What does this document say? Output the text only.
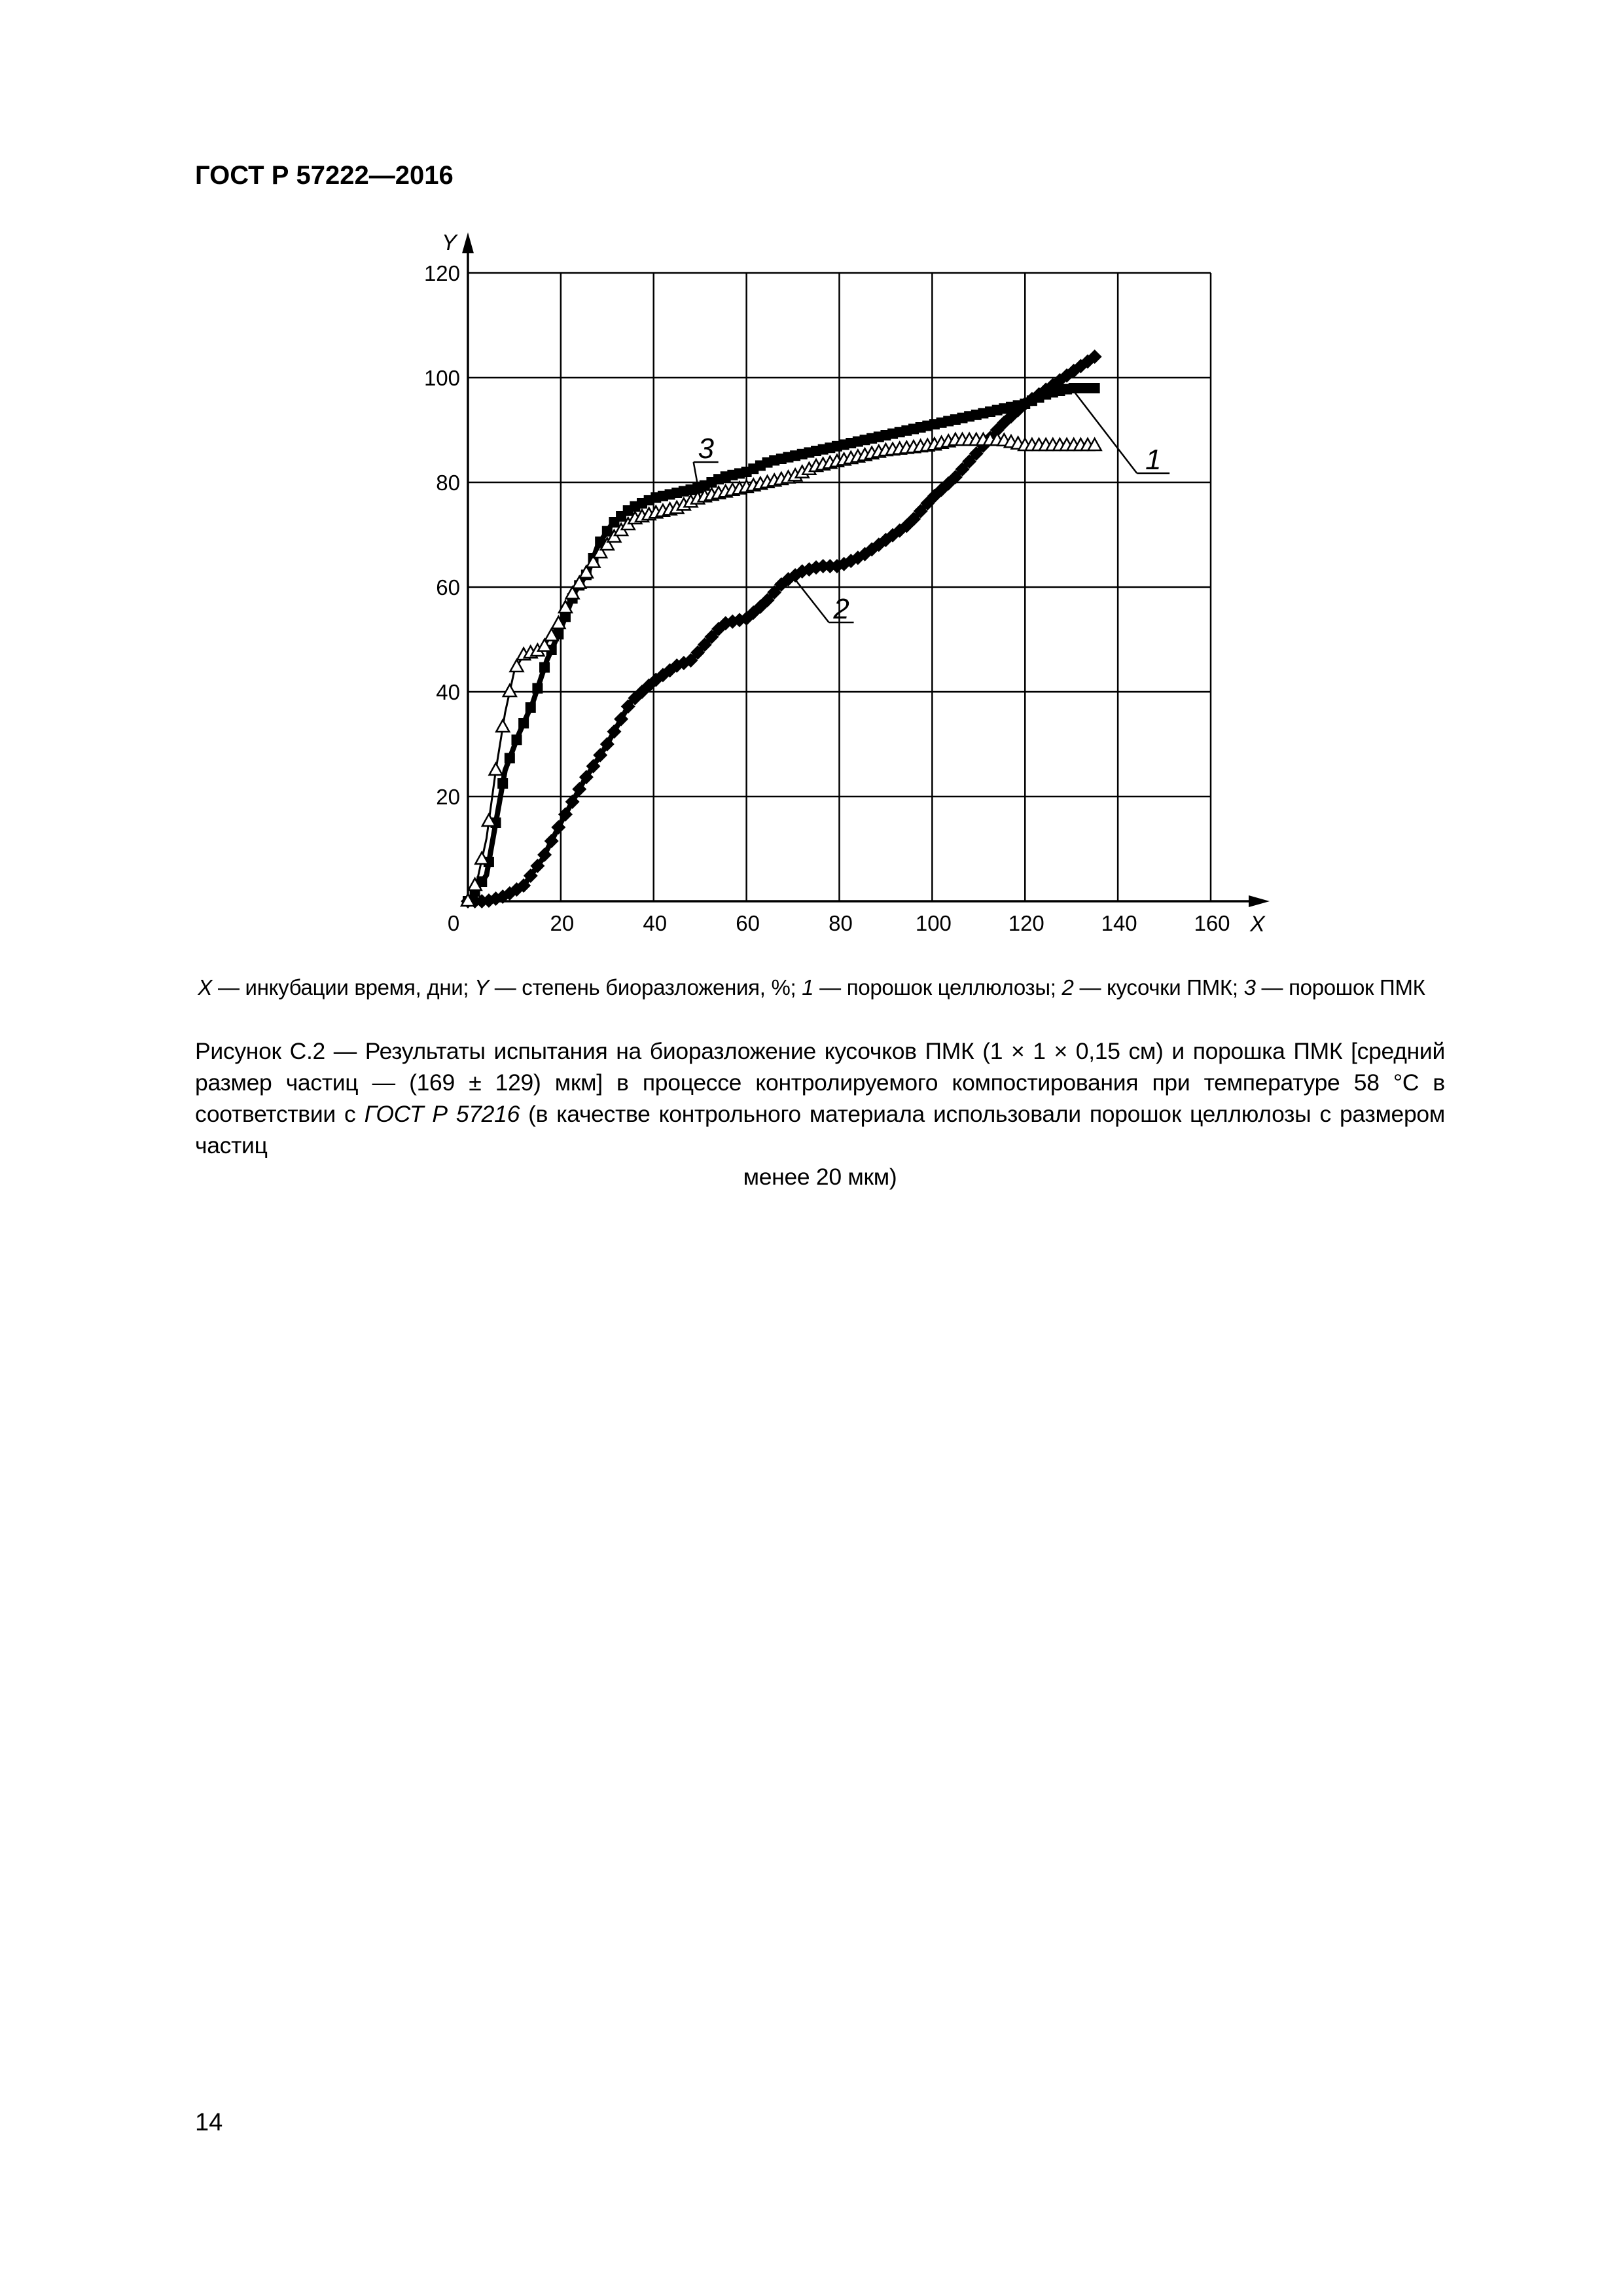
ГОСТ Р 57222—2016
0	20	40	60	80	100	120	140	160
20
40
60
80
100
120
X
Y
1
2
3
X — инкубации время, дни; Y — степень биоразложения, %; 1 — порошок целлюлозы; 2 — кусочки ПМК; 3 — порошок ПМК
Рисунок С.2 — Результаты испытания на биоразложение кусочков ПМК (1 × 1 × 0,15 см) и порошка ПМК [средний размер частиц — (169 ± 129) мкм] в процессе контролируемого компостирования при температуре 58 °С в соответствии с ГОСТ Р 57216 (в качестве контрольного материала использовали порошок целлюлозы с размером частиц
менее 20 мкм)
14
